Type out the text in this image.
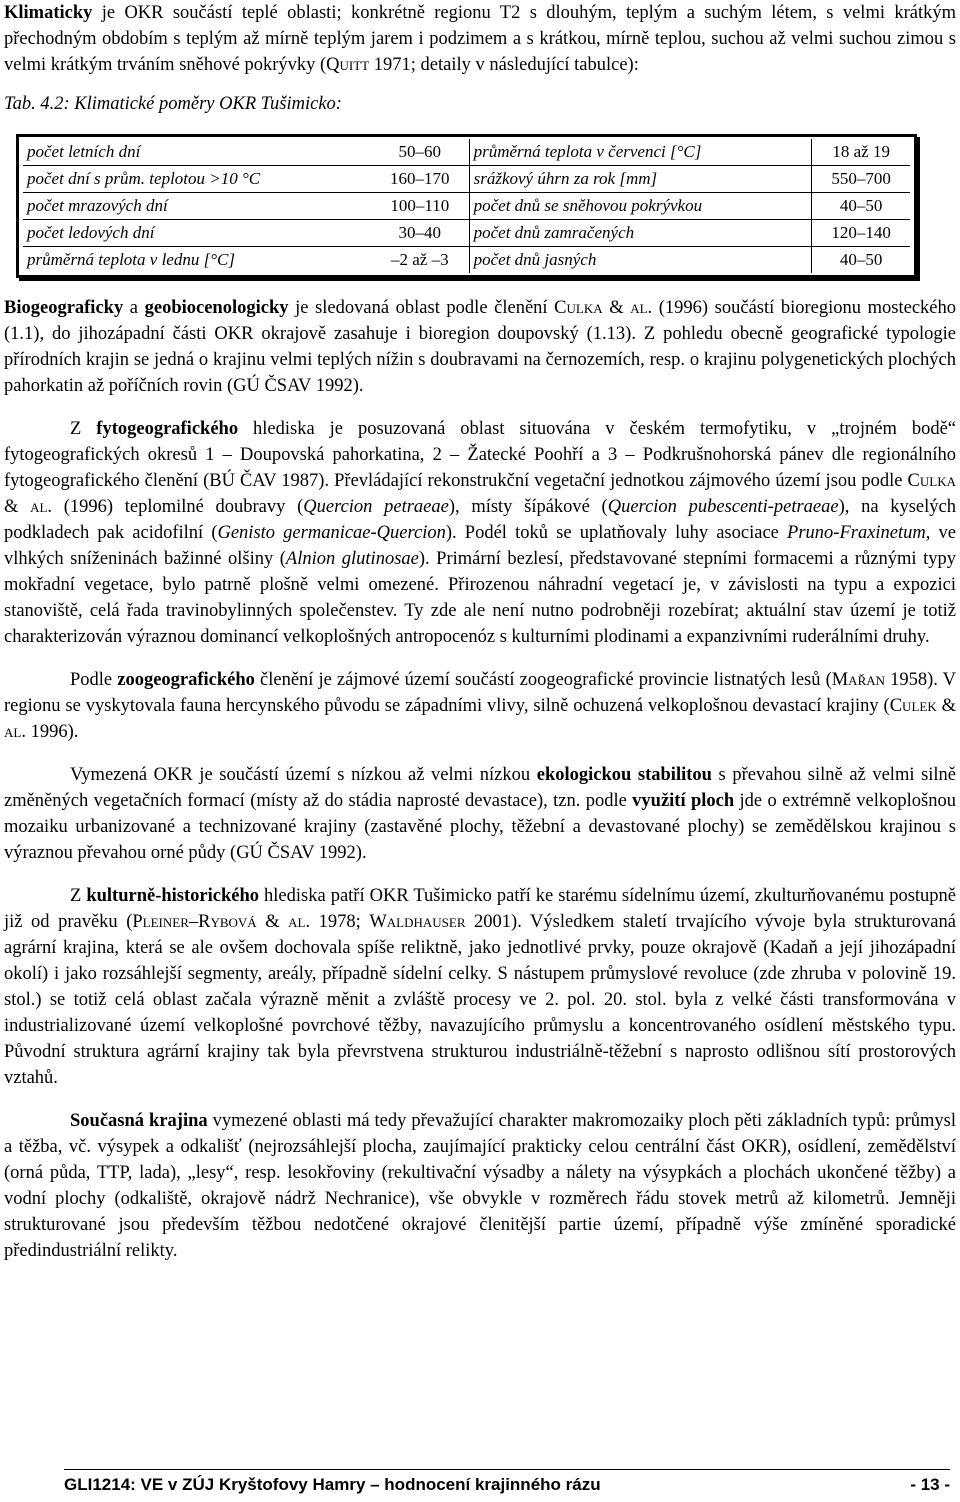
Klimaticky je OKR součástí teplé oblasti; konkrétně regionu T2 s dlouhým, teplým a suchým létem, s velmi krátkým přechodným obdobím s teplým až mírně teplým jarem i podzimem a s krátkou, mírně teplou, suchou až velmi suchou zimou s velmi krátkým trváním sněhové pokrývky (Quitt 1971; detaily v následující tabulce):

Tab. 4.2: Klimatické poměry OKR Tušimicko:

počet letních dní	50–60	průměrná teplota v červenci [°C]	18 až 19
počet dní s prům. teplotou >10 °C	160–170	srážkový úhrn za rok [mm]	550–700
počet mrazových dní	100–110	počet dnů se sněhovou pokrývkou	40–50
počet ledových dní	30–40	počet dnů zamračených	120–140
průměrná teplota v lednu [°C]	–2 až –3	počet dnů jasných	40–50

Biogeograficky a geobiocenologicky je sledovaná oblast podle členění Culka & al. (1996) součástí bioregionu mosteckého (1.1), do jihozápadní části OKR okrajově zasahuje i bioregion doupovský (1.13). Z pohledu obecně geografické typologie přírodních krajin se jedná o krajinu velmi teplých nížin s doubravami na černozemích, resp. o krajinu polygenetických plochých pahorkatin až poříčních rovin (GÚ ČSAV 1992).

Z fytogeografického hlediska je posuzovaná oblast situována v českém termofytiku, v „trojném bodě“ fytogeografických okresů 1 – Doupovská pahorkatina, 2 – Žatecké Poohří a 3 – Podkrušnohorská pánev dle regionálního fytogeografického členění (BÚ ČAV 1987). Převládající rekonstrukční vegetační jednotkou zájmového území jsou podle Culka & al. (1996) teplomilné doubravy (Quercion petraeae), místy šípákové (Quercion pubescenti-petraeae), na kyselých podkladech pak acidofilní (Genisto germanicae-Quercion). Podél toků se uplatňovaly luhy asociace Pruno-Fraxinetum, ve vlhkých sníženinách bažinné olšiny (Alnion glutinosae). Primární bezlesí, představované stepními formacemi a různými typy mokřadní vegetace, bylo patrně plošně velmi omezené. Přirozenou náhradní vegetací je, v závislosti na typu a expozici stanoviště, celá řada travinobylinných společenstev. Ty zde ale není nutno podrobněji rozebírat; aktuální stav území je totiž charakterizován výraznou dominancí velkoplošných antropocenóz s kulturními plodinami a expanzivními ruderálními druhy.

Podle zoogeografického členění je zájmové území součástí zoogeografické provincie listnatých lesů (Mařan 1958). V regionu se vyskytovala fauna hercynského původu se západními vlivy, silně ochuzená velkoplošnou devastací krajiny (Culek & al. 1996).

Vymezená OKR je součástí území s nízkou až velmi nízkou ekologickou stabilitou s převahou silně až velmi silně změněných vegetačních formací (místy až do stádia naprosté devastace), tzn. podle využití ploch jde o extrémně velkoplošnou mozaiku urbanizované a technizované krajiny (zastavěné plochy, těžební a devastované plochy) se zemědělskou krajinou s výraznou převahou orné půdy (GÚ ČSAV 1992).

Z kulturně-historického hlediska patří OKR Tušimicko patří ke starému sídelnímu území, zkulturňovanému postupně již od pravěku (Pleiner–Rybová & al. 1978; Waldhauser 2001). Výsledkem staletí trvajícího vývoje byla strukturovaná agrární krajina, která se ale ovšem dochovala spíše reliktně, jako jednotlivé prvky, pouze okrajově (Kadaň a její jihozápadní okolí) i jako rozsáhlejší segmenty, areály, případně sídelní celky. S nástupem průmyslové revoluce (zde zhruba v polovině 19. stol.) se totiž celá oblast začala výrazně měnit a zvláště procesy ve 2. pol. 20. stol. byla z velké části transformována v industrializované území velkoplošné povrchové těžby, navazujícího průmyslu a koncentrovaného osídlení městského typu. Původní struktura agrární krajiny tak byla převrstvena strukturou industriálně-těžební s naprosto odlišnou sítí prostorových vztahů.

Současná krajina vymezené oblasti má tedy převažující charakter makromozaiky ploch pěti základních typů: průmysl a těžba, vč. výsypek a odkališť (nejrozsáhlejší plocha, zaujímající prakticky celou centrální část OKR), osídlení, zemědělství (orná půda, TTP, lada), „lesy“, resp. lesokřoviny (rekultivační výsadby a nálety na výsypkách a plochách ukončené těžby) a vodní plochy (odkaliště, okrajově nádrž Nechranice), vše obvykle v rozměrech řádu stovek metrů až kilometrů. Jemněji strukturované jsou především těžbou nedotčené okrajové členitější partie území, případně výše zmíněné sporadické předindustriální relikty.

GLI1214: VE v ZÚJ Kryštofovy Hamry – hodnocení krajinného rázu	- 13 -
